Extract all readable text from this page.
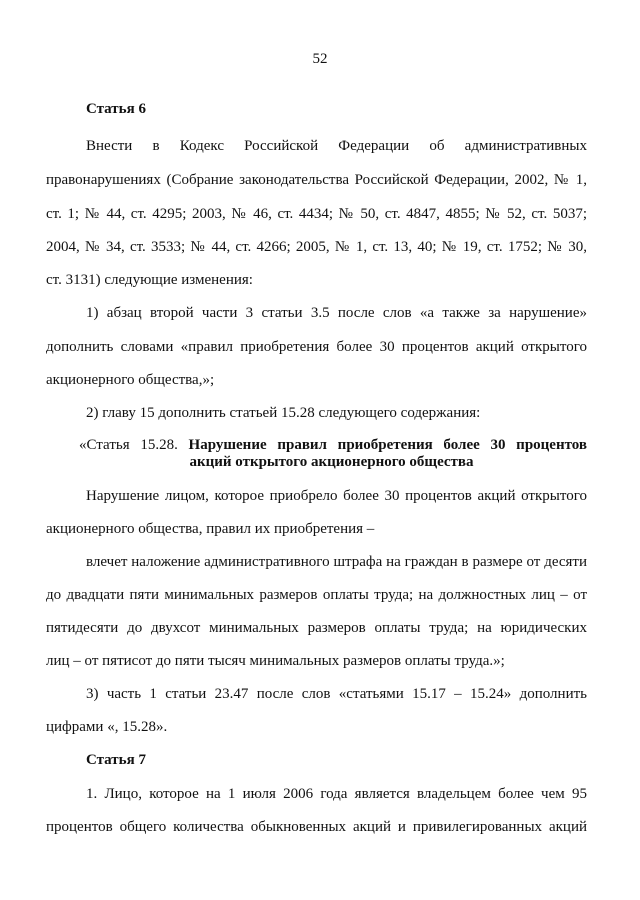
52
Статья 6
Внести в Кодекс Российской Федерации об административных
правонарушениях (Собрание законодательства Российской Федерации, 2002, № 1,
ст. 1; № 44, ст. 4295; 2003, № 46, ст. 4434; № 50, ст. 4847, 4855; № 52, ст. 5037;
2004, № 34, ст. 3533; № 44, ст. 4266; 2005, № 1, ст. 13, 40; № 19, ст. 1752; № 30,
ст. 3131) следующие изменения:
1) абзац второй части 3 статьи 3.5 после слов «а также за нарушение»
дополнить словами «правил приобретения более 30 процентов акций открытого
акционерного общества,»;
2) главу 15 дополнить статьей 15.28 следующего содержания:
«Статья 15.28. Нарушение правил приобретения более 30 процентов
акций открытого акционерного общества
Нарушение лицом, которое приобрело более 30 процентов акций открытого
акционерного общества, правил их приобретения –
влечет наложение административного штрафа на граждан в размере от десяти
до двадцати пяти минимальных размеров оплаты труда; на должностных лиц – от
пятидесяти до двухсот минимальных размеров оплаты труда; на юридических
лиц – от пятисот до пяти тысяч минимальных размеров оплаты труда.»;
3) часть 1 статьи 23.47 после слов «статьями 15.17 – 15.24» дополнить
цифрами «, 15.28».
Статья 7
1. Лицо, которое на 1 июля 2006 года является владельцем более чем 95
процентов общего количества обыкновенных акций и привилегированных акций
